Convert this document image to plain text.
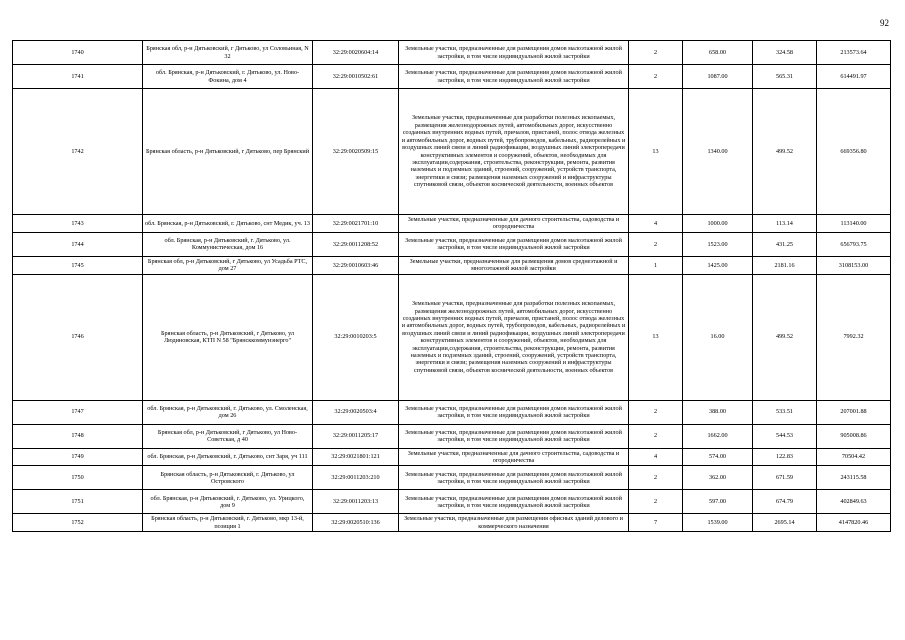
92
1740	Брянская обл, р-н Дятьковский, г Дятьково, ул Соловьиная, N 32	32:29:0020604:14	Земельные участки, предназначенные для размещения домов малоэтажной жилой застройки, в том числе индивидуальной жилой застройки	2	658.00	324.58	213573.64
1741	обл. Брянская, р-н Дятьковский, г. Дятьково, ул. Ново-Фокина, дом 4	32:29:0010502:61	Земельные участки, предназначенные для размещения домов малоэтажной жилой застройки, в том числе индивидуальной жилой застройки	2	1087.00	565.31	614491.97
1742	Брянская область, р-н Дятьковский, г Дятьково, пер Брянский	32:29:0020509:15	Земельные участки, предназначенные для разработки полезных ископаемых, размещения железнодорожных путей, автомобильных дорог, искусственно созданных внутренних водных путей, причалов, пристаней, полос отвода железных и автомобильных дорог, водных путей, трубопроводов, кабельных, радиорелейных и воздушных линий связи и линий радиофикации, воздушных линий электропередачи конструктивных элементов и сооружений, объектов, необходимых для эксплуатации,содержания, строительства, реконструкции, ремонта, развития наземных и подземных зданий, строений, сооружений, устройств транспорта, энергетики и связи; размещения наземных сооружений и инфраструктуры спутниковой связи, объектов космической деятельности, военных объектов	13	1340.00	499.52	669356.80
1743	обл. Брянская, р-н Дятьковский, г. Дятьково, снт Медик, уч. 13	32:29:0021701:10	Земельные участки, предназначенные для дачного строительства, садоводства и огородничества	4	1000.00	113.14	113140.00
1744	обл. Брянская, р-н Дятьковский, г. Дятьково, ул. Коммунистическая, дом 16	32:29:0011208:52	Земельные участки, предназначенные для размещения домов малоэтажной жилой застройки, в том числе индивидуальной жилой застройки	2	1523.00	431.25	656793.75
1745	Брянская обл, р-н Дятьковский, г Дятьково, ул Усадьба РТС, дом 27	32:29:0010603:46	Земельные участки, предназначенные для размещения домов среднеэтажной и многоэтажной жилой застройки	1	1425.00	2181.16	3108153.00
1746	Брянская область, р-н Дятьковский, г Дятьково, ул Людиновская, КТП N 58 "Брянсккоммунэнерго"	32:29:0010203:5	Земельные участки, предназначенные для разработки полезных ископаемых, размещения железнодорожных путей, автомобильных дорог, искусственно созданных внутренних водных путей, причалов, пристаней, полос отвода железных и автомобильных дорог, водных путей, трубопроводов, кабельных, радиорелейных и воздушных линий связи и линий радиофикации, воздушных линий электропередачи конструктивных элементов и сооружений, объектов, необходимых для эксплуатации,содержания, строительства, реконструкции, ремонта, развития наземных и подземных зданий, строений, сооружений, устройств транспорта, энергетики и связи; размещения наземных сооружений и инфраструктуры спутниковой связи, объектов космической деятельности, военных объектов	13	16.00	499.52	7992.32
1747	обл. Брянская, р-н Дятьковский, г. Дятьково, ул. Смоленская, дом 26	32:29:0020503:4	Земельные участки, предназначенные для размещения домов малоэтажной жилой застройки, в том числе индивидуальной жилой застройки	2	388.00	533.51	207001.88
1748	Брянская обл, р-н Дятьковский, г Дятьково, ул Ново-Советская, д 40	32:29:0011205:17	Земельные участки, предназначенные для размещения домов малоэтажной жилой застройки, в том числе индивидуальной жилой застройки	2	1662.00	544.53	905008.86
1749	обл. Брянская, р-н Дятьковский, г. Дятьково, снт Заря, уч 111	32:29:0021801:121	Земельные участки, предназначенные для дачного строительства, садоводства и огородничества	4	574.00	122.83	70504.42
1750	Брянская область, р-н Дятьковский, г. Дятьково, ул Островского	32:29:0011203:210	Земельные участки, предназначенные для размещения домов малоэтажной жилой застройки, в том числе индивидуальной жилой застройки	2	362.00	671.59	243115.58
1751	обл. Брянская, р-н Дятьковский, г. Дятьково, ул. Урицкого, дом 9	32:29:0011203:13	Земельные участки, предназначенные для размещения домов малоэтажной жилой застройки, в том числе индивидуальной жилой застройки	2	597.00	674.79	402849.63
1752	Брянская область, р-н Дятьковский, г. Дятьково, мкр 13-й, позиция 1	32:29:0020510:136	Земельные участки, предназначенные для размещения офисных зданий делового и коммерческого назначения	7	1539.00	2695.14	4147820.46
